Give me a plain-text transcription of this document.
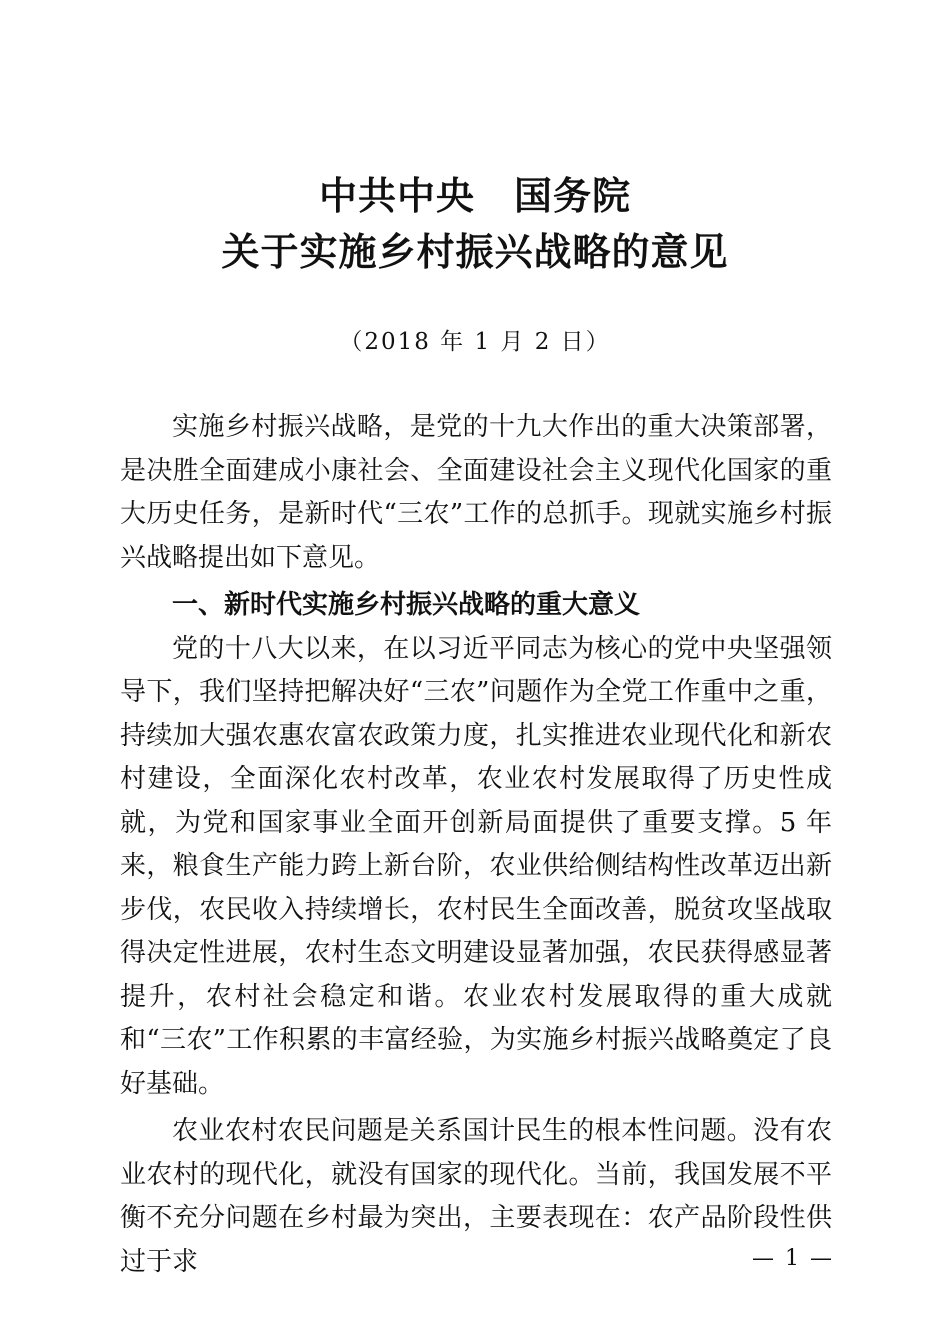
中共中央　国务院
关于实施乡村振兴战略的意见
（2018 年 1 月 2 日）

实施乡村振兴战略，是党的十九大作出的重大决策部署，是决胜全面建成小康社会、全面建设社会主义现代化国家的重大历史任务，是新时代“三农”工作的总抓手。现就实施乡村振兴战略提出如下意见。

一、新时代实施乡村振兴战略的重大意义

党的十八大以来，在以习近平同志为核心的党中央坚强领导下，我们坚持把解决好“三农”问题作为全党工作重中之重，持续加大强农惠农富农政策力度，扎实推进农业现代化和新农村建设，全面深化农村改革，农业农村发展取得了历史性成就，为党和国家事业全面开创新局面提供了重要支撑。5 年来，粮食生产能力跨上新台阶，农业供给侧结构性改革迈出新步伐，农民收入持续增长，农村民生全面改善，脱贫攻坚战取得决定性进展，农村生态文明建设显著加强，农民获得感显著提升，农村社会稳定和谐。农业农村发展取得的重大成就和“三农”工作积累的丰富经验，为实施乡村振兴战略奠定了良好基础。

农业农村农民问题是关系国计民生的根本性问题。没有农业农村的现代化，就没有国家的现代化。当前，我国发展不平衡不充分问题在乡村最为突出，主要表现在：农产品阶段性供过于求	— 1 —
